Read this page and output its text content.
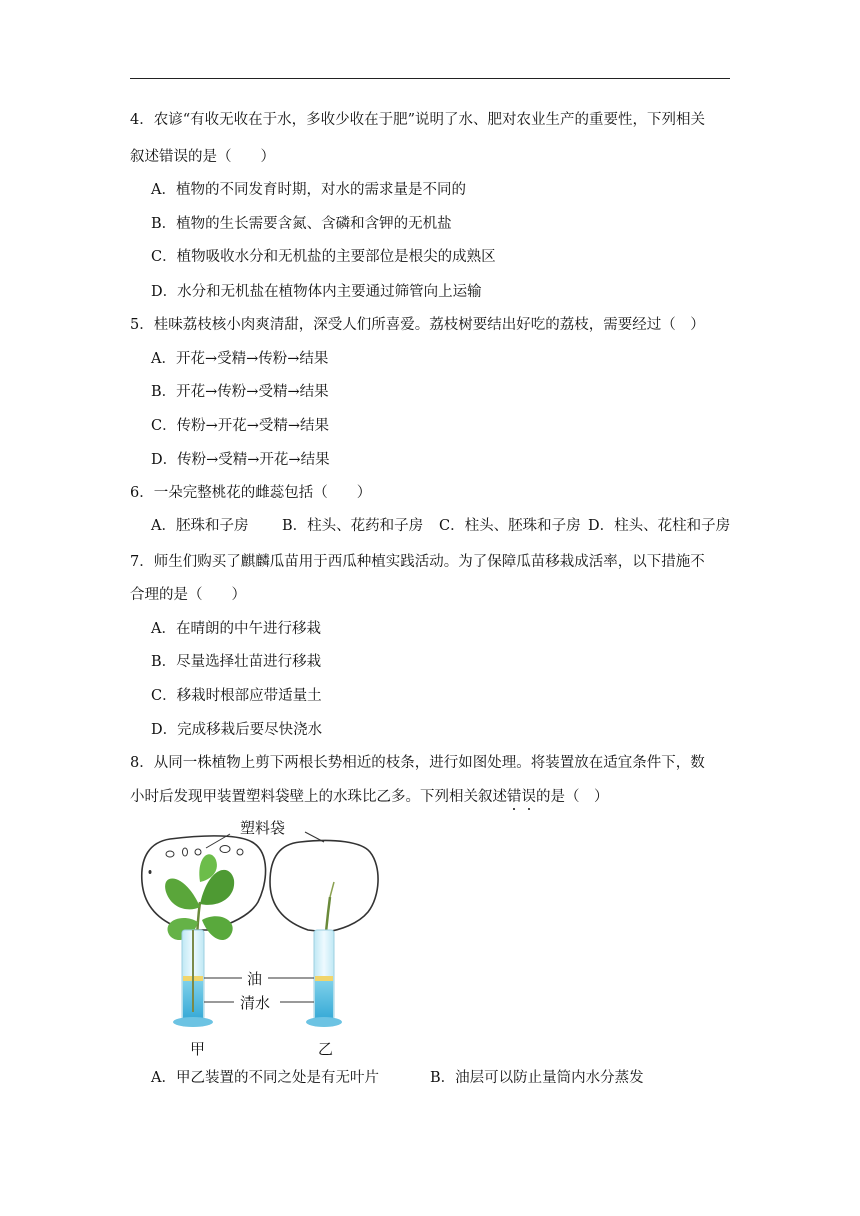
4．农谚“有收无收在于水，多收少收在于肥”说明了水、肥对农业生产的重要性，下列相关
叙述错误的是（　　）
A．植物的不同发育时期，对水的需求量是不同的
B．植物的生长需要含氮、含磷和含钾的无机盐
C．植物吸收水分和无机盐的主要部位是根尖的成熟区
D．水分和无机盐在植物体内主要通过筛管向上运输
5．桂味荔枝核小肉爽清甜，深受人们所喜爱。荔枝树要结出好吃的荔枝，需要经过（　）
A．开花→受精→传粉→结果
B．开花→传粉→受精→结果
C．传粉→开花→受精→结果
D．传粉→受精→开花→结果
6．一朵完整桃花的雌蕊包括（　　）
A．胚珠和子房 B．柱头、花药和子房 C．柱头、胚珠和子房 D．柱头、花柱和子房
7．师生们购买了麒麟瓜苗用于西瓜种植实践活动。为了保障瓜苗移栽成活率，以下措施不
合理的是（　　）
A．在晴朗的中午进行移栽
B．尽量选择壮苗进行移栽
C．移栽时根部应带适量土
D．完成移栽后要尽快浇水
8．从同一株植物上剪下两根长势相近的枝条，进行如图处理。将装置放在适宜条件下，数
小时后发现甲装置塑料袋壁上的水珠比乙多。下列相关叙述错误的是（　）
塑料袋
油
清水
甲	乙
A．甲乙装置的不同之处是有无叶片	B．油层可以防止量筒内水分蒸发
